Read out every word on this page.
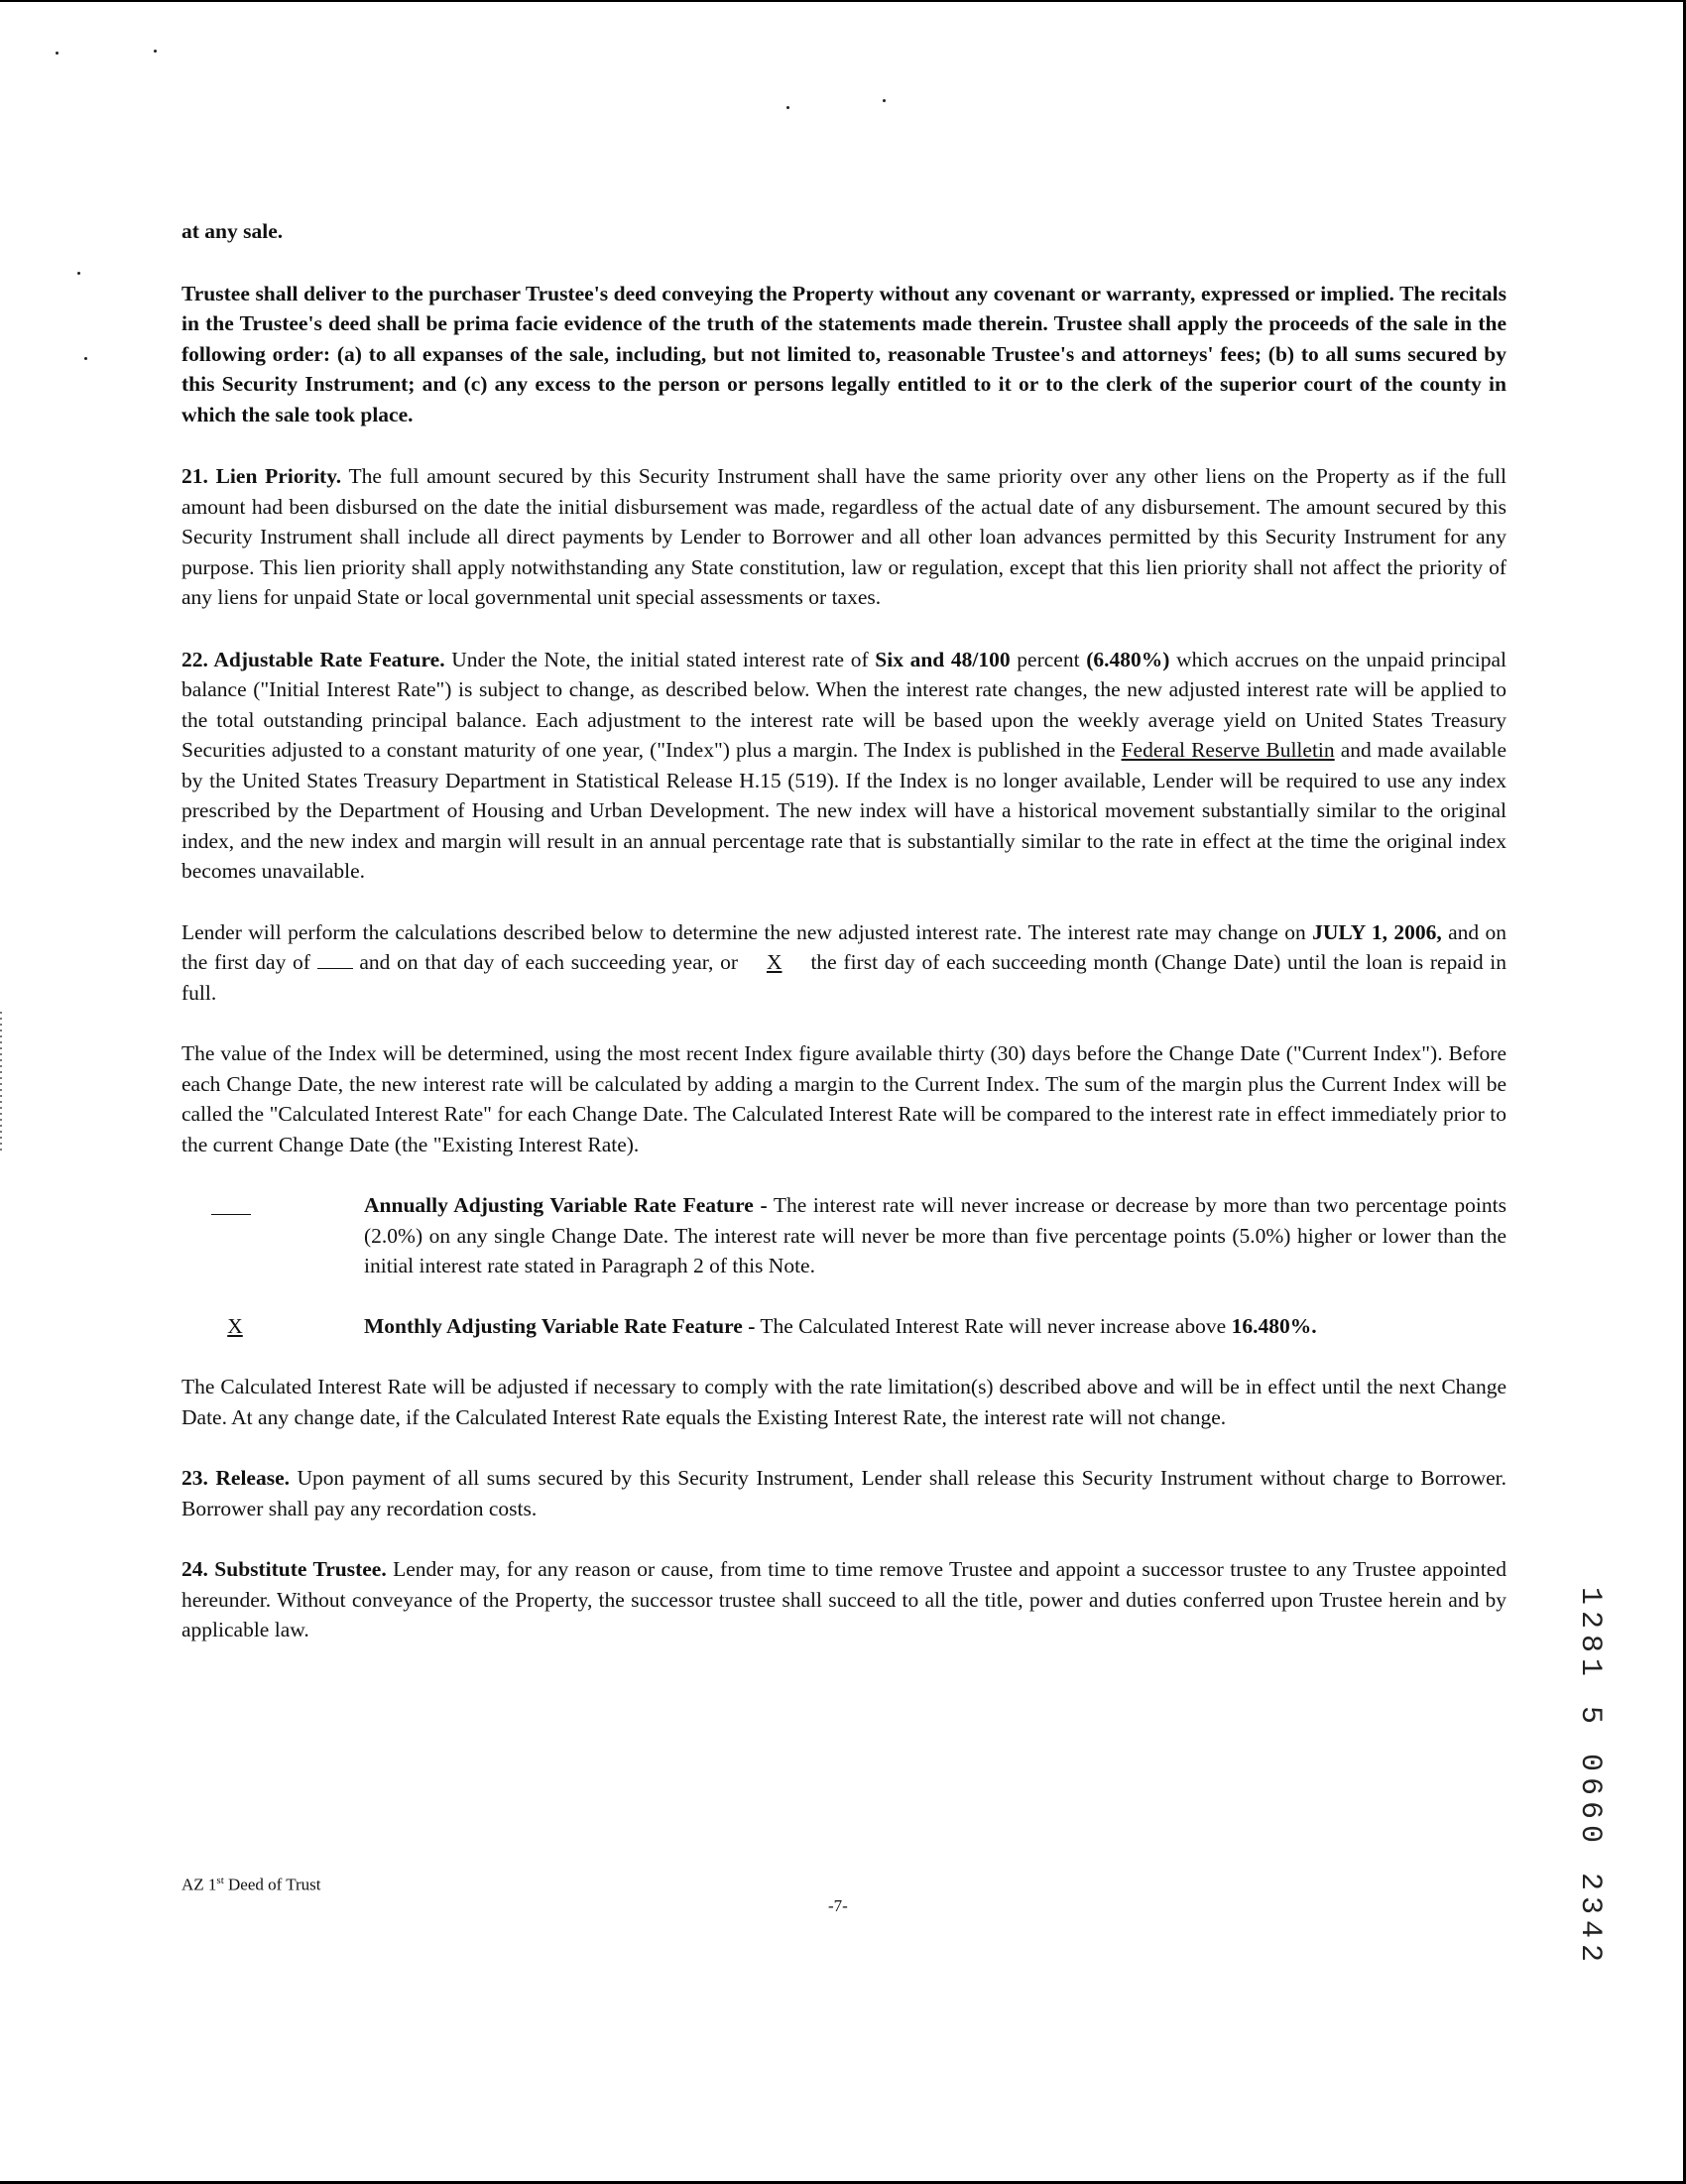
at any sale.

Trustee shall deliver to the purchaser Trustee's deed conveying the Property without any covenant or warranty, expressed or implied. The recitals in the Trustee's deed shall be prima facie evidence of the truth of the statements made therein. Trustee shall apply the proceeds of the sale in the following order: (a) to all expanses of the sale, including, but not limited to, reasonable Trustee's and attorneys' fees; (b) to all sums secured by this Security Instrument; and (c) any excess to the person or persons legally entitled to it or to the clerk of the superior court of the county in which the sale took place.

21. Lien Priority. The full amount secured by this Security Instrument shall have the same priority over any other liens on the Property as if the full amount had been disbursed on the date the initial disbursement was made, regardless of the actual date of any disbursement. The amount secured by this Security Instrument shall include all direct payments by Lender to Borrower and all other loan advances permitted by this Security Instrument for any purpose. This lien priority shall apply notwithstanding any State constitution, law or regulation, except that this lien priority shall not affect the priority of any liens for unpaid State or local governmental unit special assessments or taxes.

22. Adjustable Rate Feature. Under the Note, the initial stated interest rate of Six and 48/100 percent (6.480%) which accrues on the unpaid principal balance ("Initial Interest Rate") is subject to change, as described below. When the interest rate changes, the new adjusted interest rate will be applied to the total outstanding principal balance. Each adjustment to the interest rate will be based upon the weekly average yield on United States Treasury Securities adjusted to a constant maturity of one year, ("Index") plus a margin. The Index is published in the Federal Reserve Bulletin and made available by the United States Treasury Department in Statistical Release H.15 (519). If the Index is no longer available, Lender will be required to use any index prescribed by the Department of Housing and Urban Development. The new index will have a historical movement substantially similar to the original index, and the new index and margin will result in an annual percentage rate that is substantially similar to the rate in effect at the time the original index becomes unavailable.

Lender will perform the calculations described below to determine the new adjusted interest rate. The interest rate may change on JULY 1, 2006, and on the first day of and on that day of each succeeding year, or X the first day of each succeeding month (Change Date) until the loan is repaid in full.

The value of the Index will be determined, using the most recent Index figure available thirty (30) days before the Change Date ("Current Index"). Before each Change Date, the new interest rate will be calculated by adding a margin to the Current Index. The sum of the margin plus the Current Index will be called the "Calculated Interest Rate" for each Change Date. The Calculated Interest Rate will be compared to the interest rate in effect immediately prior to the current Change Date (the "Existing Interest Rate).

Annually Adjusting Variable Rate Feature - The interest rate will never increase or decrease by more than two percentage points (2.0%) on any single Change Date. The interest rate will never be more than five percentage points (5.0%) higher or lower than the initial interest rate stated in Paragraph 2 of this Note.

X	Monthly Adjusting Variable Rate Feature - The Calculated Interest Rate will never increase above 16.480%.

The Calculated Interest Rate will be adjusted if necessary to comply with the rate limitation(s) described above and will be in effect until the next Change Date. At any change date, if the Calculated Interest Rate equals the Existing Interest Rate, the interest rate will not change.

23. Release. Upon payment of all sums secured by this Security Instrument, Lender shall release this Security Instrument without charge to Borrower. Borrower shall pay any recordation costs.

24. Substitute Trustee. Lender may, for any reason or cause, from time to time remove Trustee and appoint a successor trustee to any Trustee appointed hereunder. Without conveyance of the Property, the successor trustee shall succeed to all the title, power and duties conferred upon Trustee herein and by applicable law.

AZ 1st Deed of Trust
-7-	1281 5 0660 2342
